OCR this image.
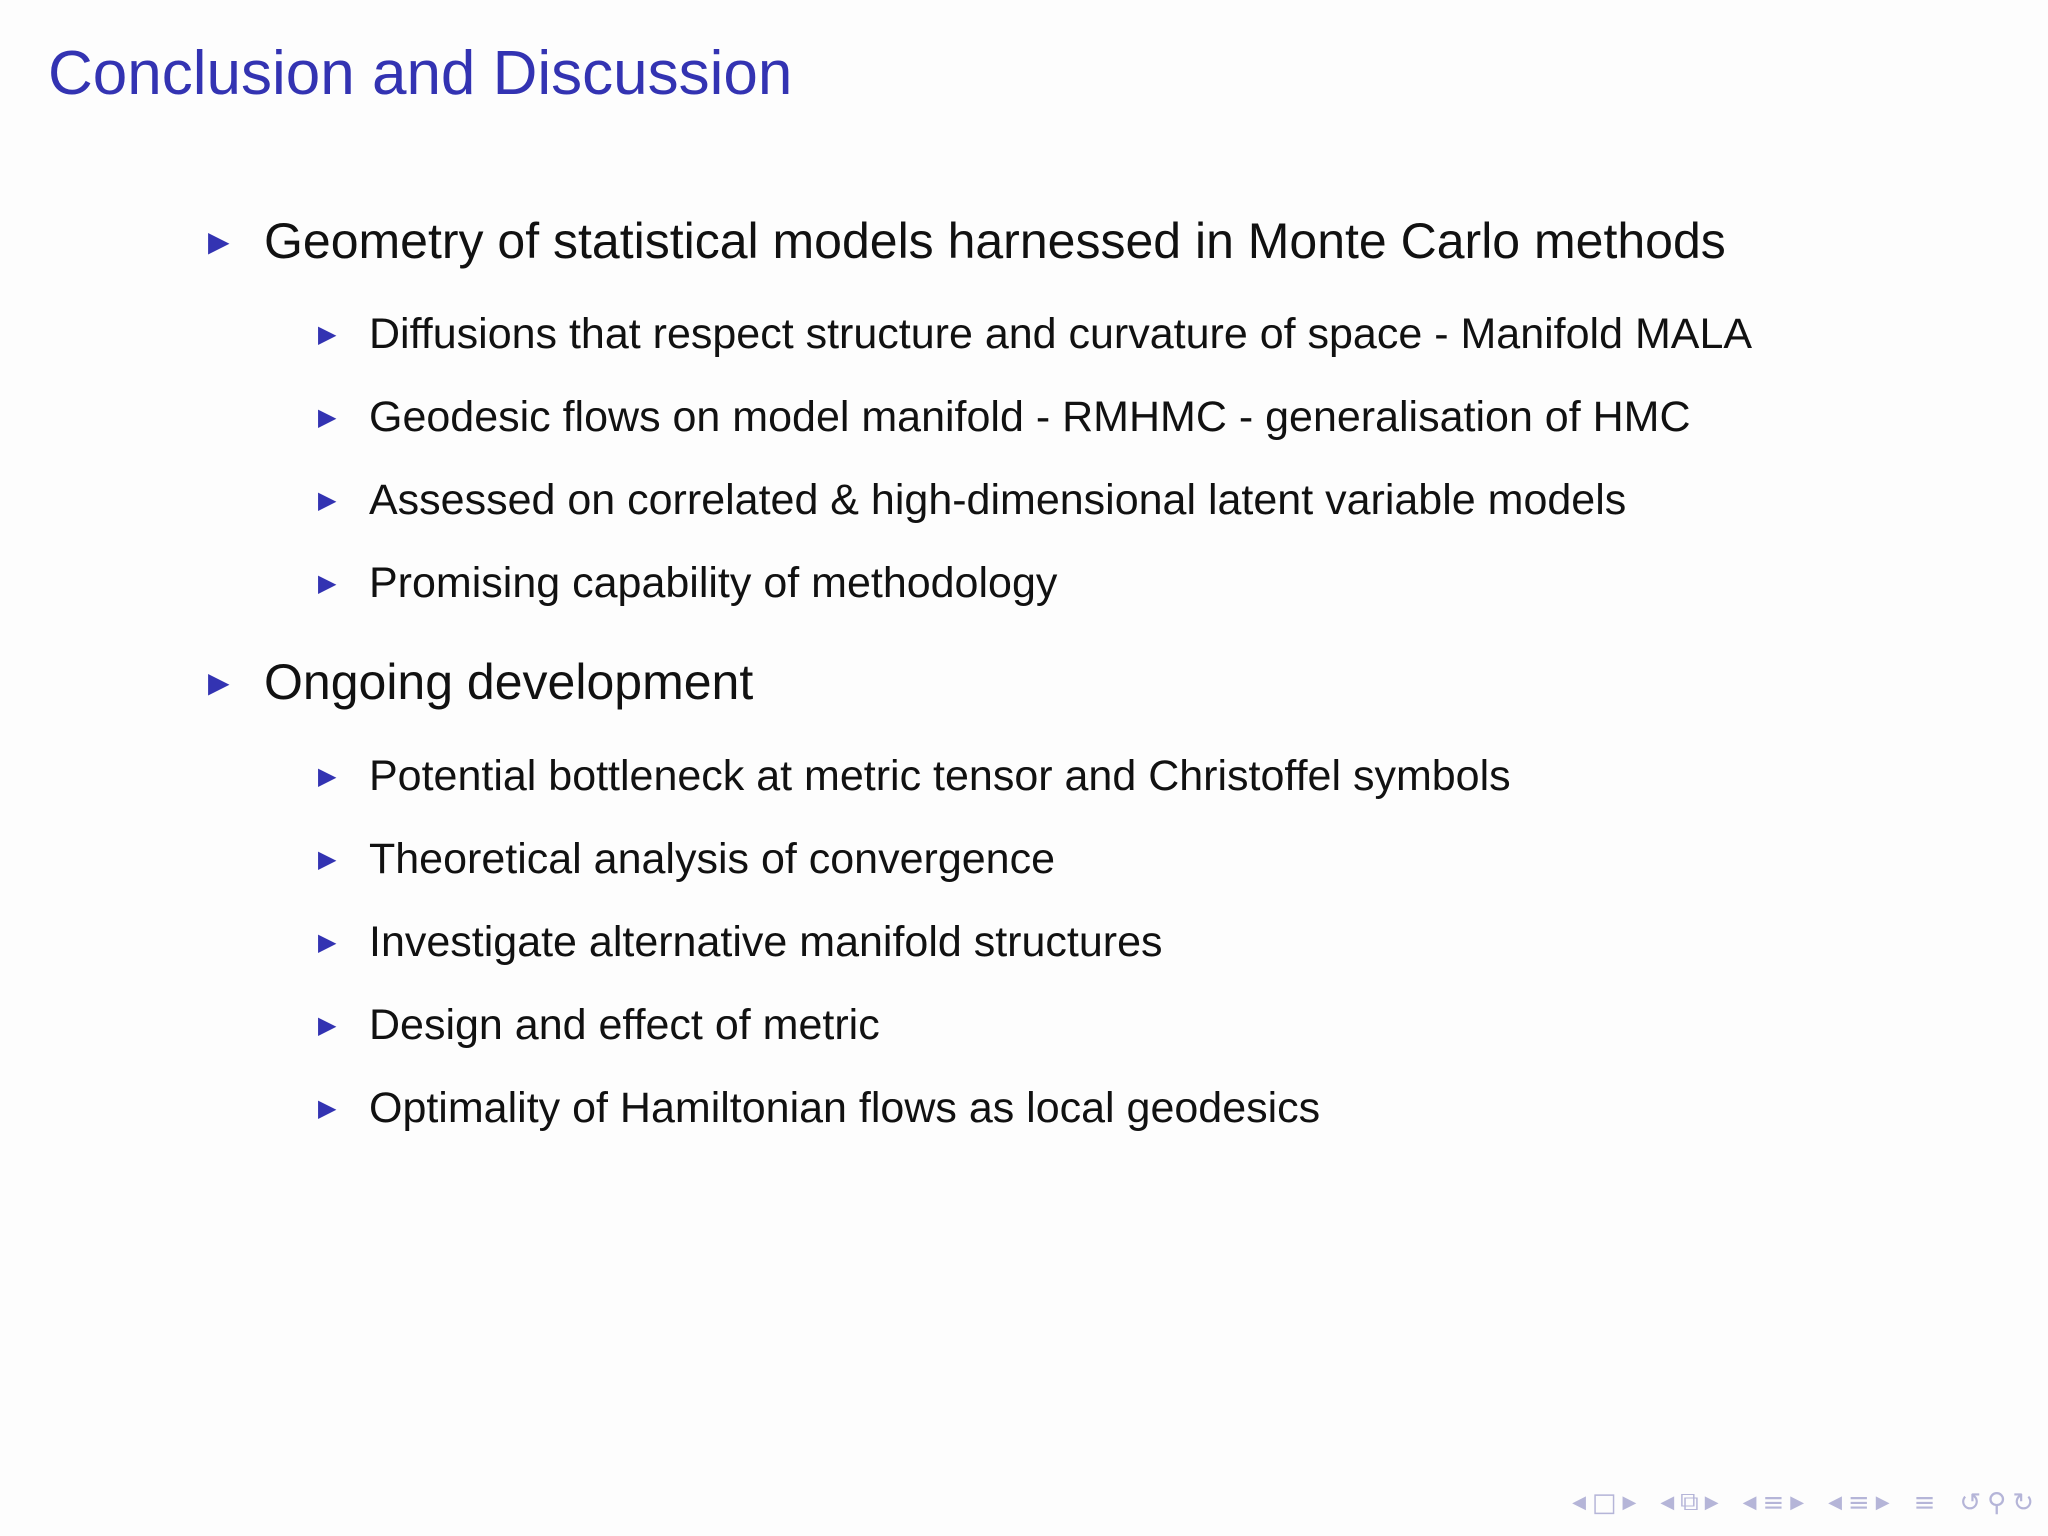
Conclusion and Discussion
▶ Geometry of statistical models harnessed in Monte Carlo methods
▶ Diffusions that respect structure and curvature of space - Manifold MALA
▶ Geodesic flows on model manifold - RMHMC - generalisation of HMC
▶ Assessed on correlated & high-dimensional latent variable models
▶ Promising capability of methodology
▶ Ongoing development
▶ Potential bottleneck at metric tensor and Christoffel symbols
▶ Theoretical analysis of convergence
▶ Investigate alternative manifold structures
▶ Design and effect of metric
▶ Optimality of Hamiltonian flows as local geodesics
◀ □ ▶ ◀ ⧉ ▶ ◀ ≡ ▶ ◀ ≡ ▶ ≡ ↺ ⚲ ↻
